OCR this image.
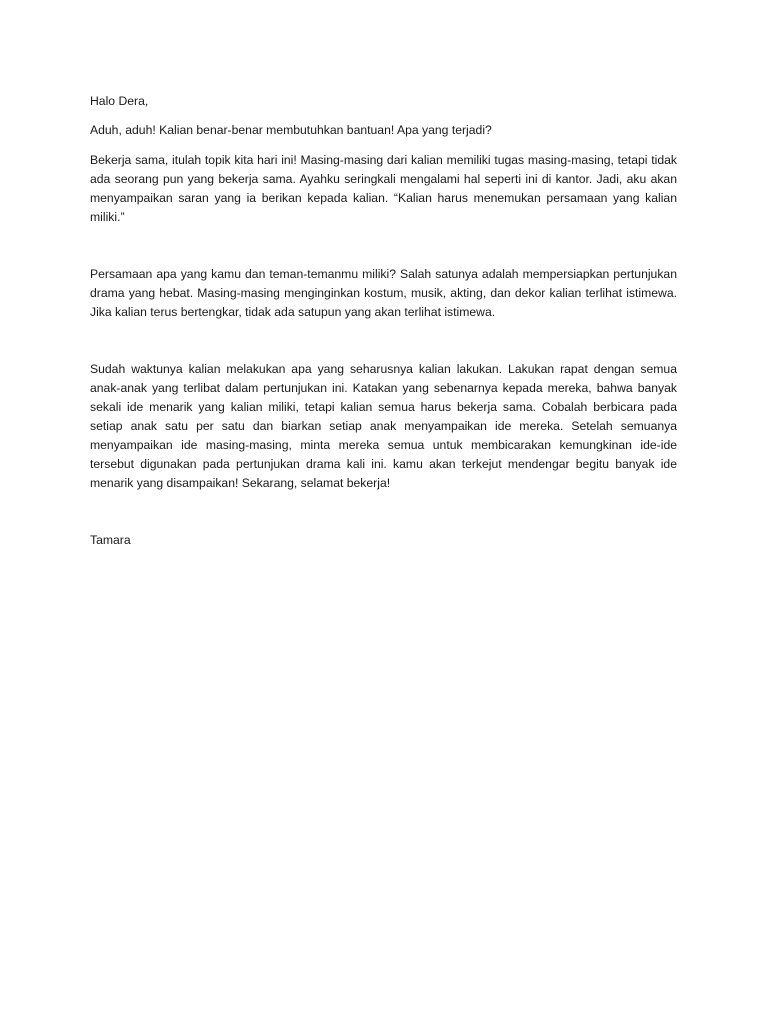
Halo Dera,

Aduh, aduh! Kalian benar-benar membutuhkan bantuan! Apa yang terjadi?

Bekerja sama, itulah topik kita hari ini! Masing-masing dari kalian memiliki tugas masing-masing, tetapi tidak ada seorang pun yang bekerja sama. Ayahku seringkali mengalami hal seperti ini di kantor. Jadi, aku akan menyampaikan saran yang ia berikan kepada kalian. “Kalian harus menemukan persamaan yang kalian miliki.”

Persamaan apa yang kamu dan teman-temanmu miliki? Salah satunya adalah mempersiapkan pertunjukan drama yang hebat. Masing-masing menginginkan kostum, musik, akting, dan dekor kalian terlihat istimewa. Jika kalian terus bertengkar, tidak ada satupun yang akan terlihat istimewa.

Sudah waktunya kalian melakukan apa yang seharusnya kalian lakukan. Lakukan rapat dengan semua anak-anak yang terlibat dalam pertunjukan ini. Katakan yang sebenarnya kepada mereka, bahwa banyak sekali ide menarik yang kalian miliki, tetapi kalian semua harus bekerja sama. Cobalah berbicara pada setiap anak satu per satu dan biarkan setiap anak menyampaikan ide mereka. Setelah semuanya menyampaikan ide masing-masing, minta mereka semua untuk membicarakan kemungkinan ide-ide tersebut digunakan pada pertunjukan drama kali ini. kamu akan terkejut mendengar begitu banyak ide menarik yang disampaikan! Sekarang, selamat bekerja!

Tamara
